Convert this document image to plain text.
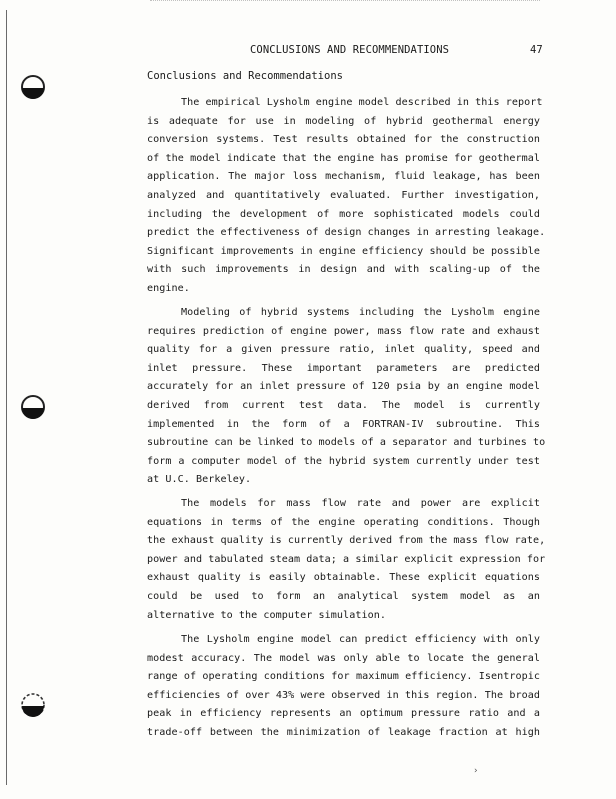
CONCLUSIONS AND RECOMMENDATIONS	47
Conclusions and Recommendations
The empirical Lysholm engine model described in this report
is adequate for use in modeling of hybrid geothermal energy
conversion systems. Test results obtained for the construction
of the model indicate that the engine has promise for geothermal
application. The major loss mechanism, fluid leakage, has been
analyzed and quantitatively evaluated. Further investigation,
including the development of more sophisticated models could
predict the effectiveness of design changes in arresting leakage.
Significant improvements in engine efficiency should be possible
with such improvements in design and with scaling-up of the
engine.
Modeling of hybrid systems including the Lysholm engine
requires prediction of engine power, mass flow rate and exhaust
quality for a given pressure ratio, inlet quality, speed and
inlet pressure. These important parameters are predicted
accurately for an inlet pressure of 120 psia by an engine model
derived from current test data. The model is currently
implemented in the form of a FORTRAN-IV subroutine. This
subroutine can be linked to models of a separator and turbines to
form a computer model of the hybrid system currently under test
at U.C. Berkeley.
The models for mass flow rate and power are explicit
equations in terms of the engine operating conditions. Though
the exhaust quality is currently derived from the mass flow rate,
power and tabulated steam data; a similar explicit expression for
exhaust quality is easily obtainable. These explicit equations
could be used to form an analytical system model as an
alternative to the computer simulation.
The Lysholm engine model can predict efficiency with only
modest accuracy. The model was only able to locate the general
range of operating conditions for maximum efficiency. Isentropic
efficiencies of over 43% were observed in this region. The broad
peak in efficiency represents an optimum pressure ratio and a
trade-off between the minimization of leakage fraction at high
›
